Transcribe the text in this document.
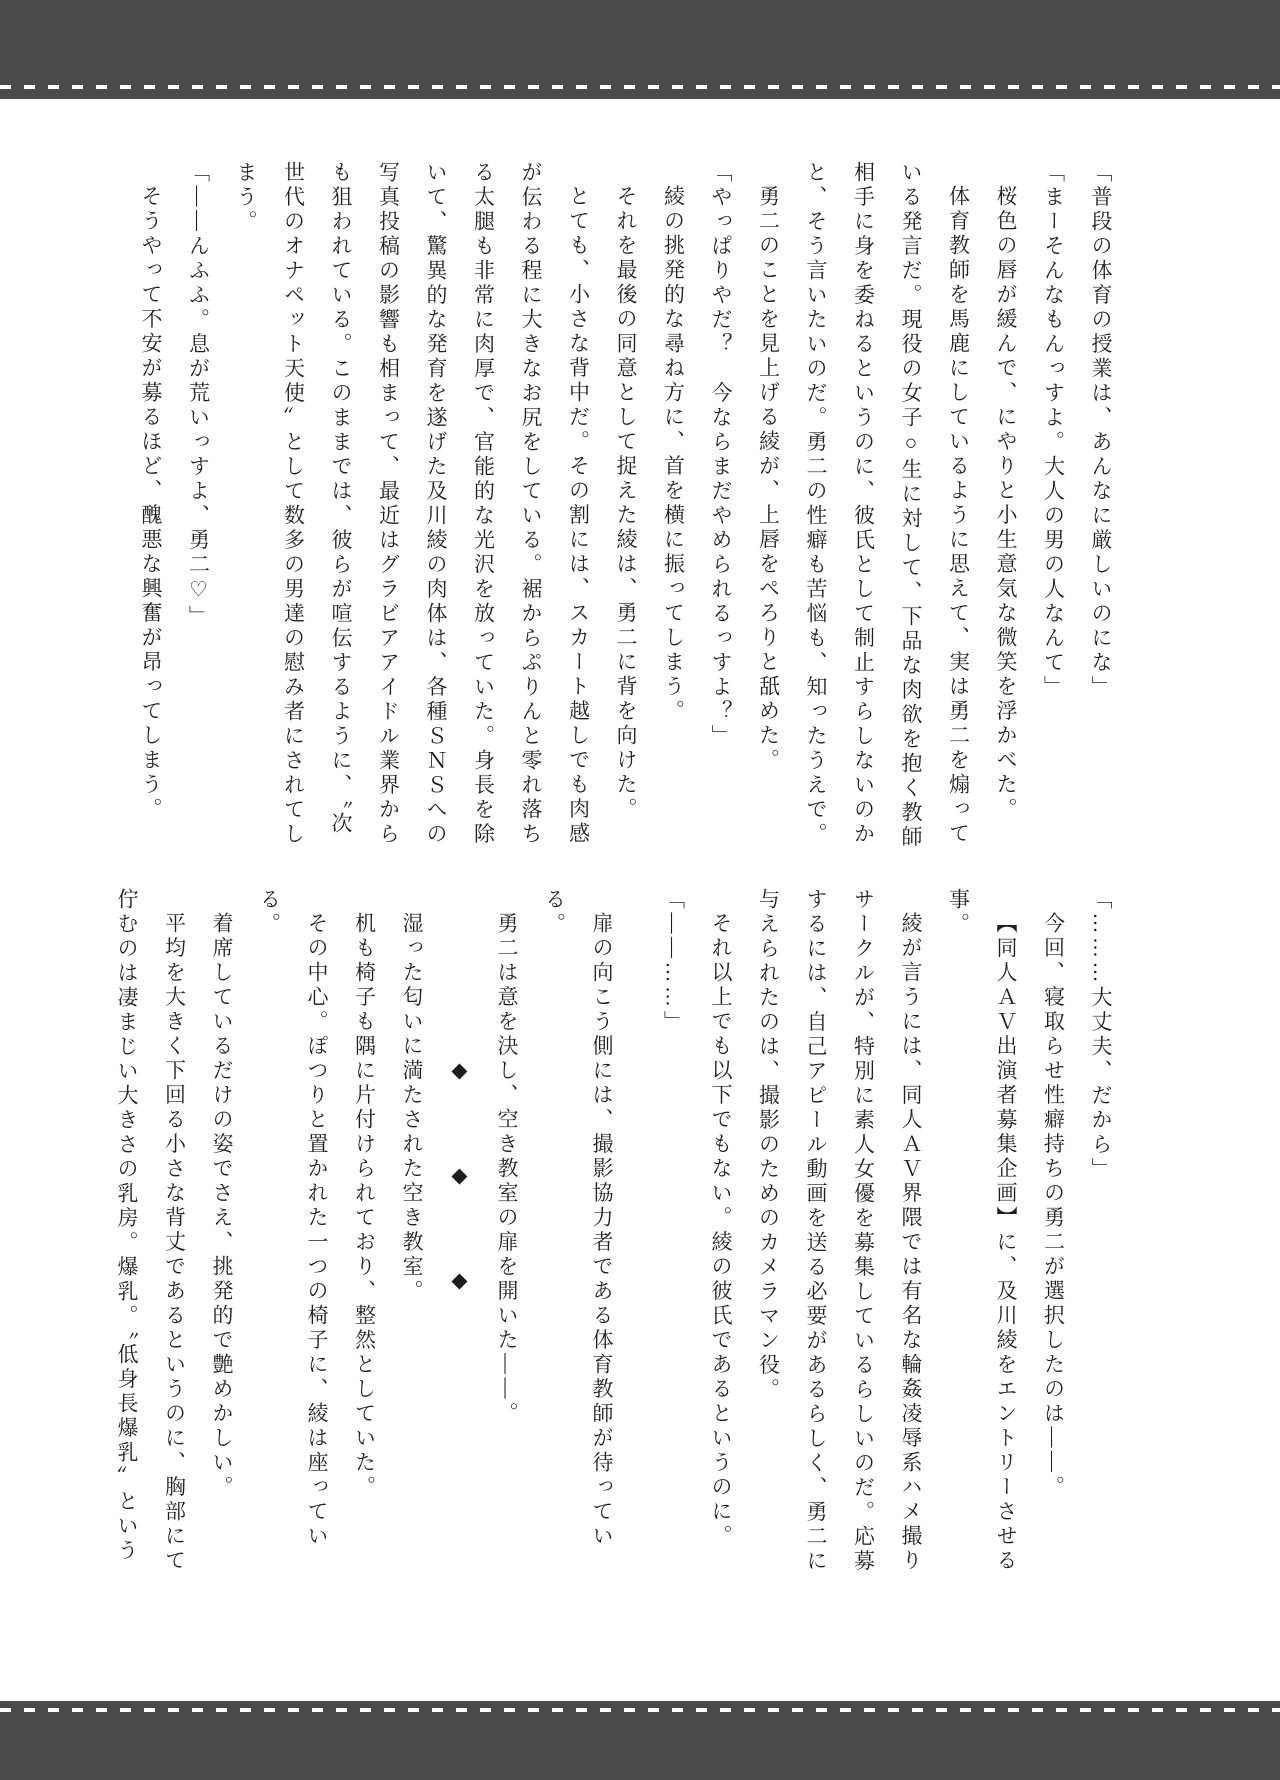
「普段の体育の授業は、あんなに厳しいのにな」

「まーそんなもんっすよ。大人の男の人なんて」

桜色の唇が緩んで、にやりと小生意気な微笑を浮かべた。

体育教師を馬鹿にしているように思えて、実は勇二を煽っている発言だ。現役の女子○生に対して、下品な肉欲を抱く教師相手に身を委ねるというのに、彼氏として制止すらしないのかと、そう言いたいのだ。勇二の性癖も苦悩も、知ったうえで。

勇二のことを見上げる綾が、上唇をぺろりと舐めた。

「やっぱりやだ？　今ならまだやめられるっすよ？」

綾の挑発的な尋ね方に、首を横に振ってしまう。

それを最後の同意として捉えた綾は、勇二に背を向けた。

とても、小さな背中だ。その割には、スカート越しでも肉感が伝わる程に大きなお尻をしている。裾からぷりんと零れ落ちる太腿も非常に肉厚で、官能的な光沢を放っていた。身長を除いて、驚異的な発育を遂げた及川綾の肉体は、各種ＳＮＳへの写真投稿の影響も相まって、最近はグラビアアイドル業界からも狙われている。このままでは、彼らが喧伝するように、〝次世代のオナペット天使〟として数多の男達の慰み者にされてしまう。

「――んふふ。息が荒いっすよ、勇二♡」

そうやって不安が募るほど、醜悪な興奮が昂ってしまう。

「………大丈夫、だから」

今回、寝取らせ性癖持ちの勇二が選択したのは――。

【同人ＡＶ出演者募集企画】に、及川綾をエントリーさせる事。

綾が言うには、同人ＡＶ界隈では有名な輪姦凌辱系ハメ撮りサークルが、特別に素人女優を募集しているらしいのだ。応募するには、自己アピール動画を送る必要があるらしく、勇二に与えられたのは、撮影のためのカメラマン役。

それ以上でも以下でもない。綾の彼氏であるというのに。

「――……」

扉の向こう側には、撮影協力者である体育教師が待っている。

勇二は意を決し、空き教室の扉を開いた――。

◆　◆　◆

湿った匂いに満たされた空き教室。

机も椅子も隅に片付けられており、整然としていた。

その中心。ぽつりと置かれた一つの椅子に、綾は座っている。

着席しているだけの姿でさえ、挑発的で艶めかしい。

平均を大きく下回る小さな背丈であるというのに、胸部にて佇むのは凄まじい大きさの乳房。爆乳。〝低身長爆乳〟という
